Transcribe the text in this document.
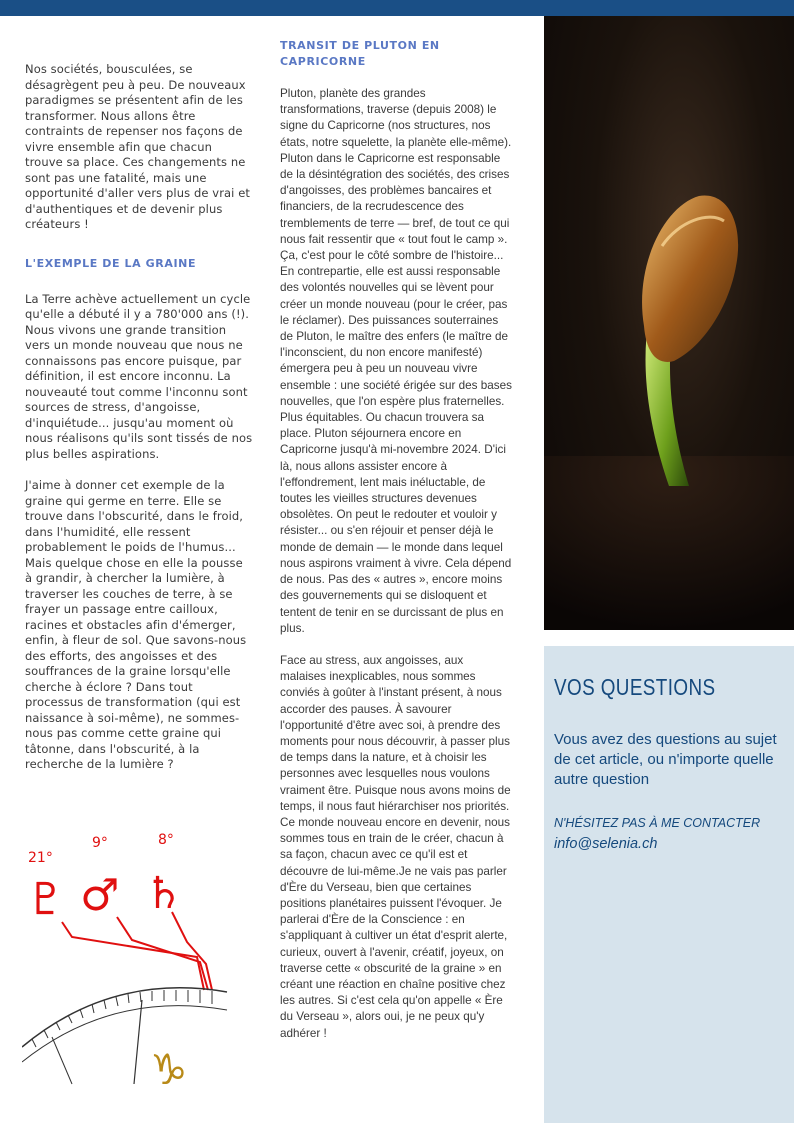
Nos sociétés, bousculées, se désagrègent peu à peu. De nouveaux paradigmes se présentent afin de les transformer. Nous allons être contraints de repenser nos façons de vivre ensemble afin que chacun trouve sa place. Ces changements ne sont pas une fatalité, mais une opportunité d'aller vers plus de vrai et d'authentiques et de devenir plus créateurs !

L'EXEMPLE DE LA GRAINE

La Terre achève actuellement un cycle qu'elle a débuté il y a 780'000 ans (!). Nous vivons une grande transition vers un monde nouveau que nous ne connaissons pas encore puisque, par définition, il est encore inconnu. La nouveauté tout comme l'inconnu sont sources de stress, d'angoisse, d'inquiétude... jusqu'au moment où nous réalisons qu'ils sont tissés de nos plus belles aspirations.

J'aime à donner cet exemple de la graine qui germe en terre. Elle se trouve dans l'obscurité, dans le froid, dans l'humidité, elle ressent probablement le poids de l'humus... Mais quelque chose en elle la pousse à grandir, à chercher la lumière, à traverser les couches de terre, à se frayer un passage entre cailloux, racines et obstacles afin d'émerger, enfin, à fleur de sol. Que savons-nous des efforts, des angoisses et des souffrances de la graine lorsqu'elle cherche à éclore ? Dans tout processus de transformation (qui est naissance à soi-même), ne sommes-nous pas comme cette graine qui tâtonne, dans l'obscurité, à la recherche de la lumière ?

TRANSIT DE PLUTON EN CAPRICORNE

Pluton, planète des grandes transformations, traverse (depuis 2008) le signe du Capricorne (nos structures, nos états, notre squelette, la planète elle-même). Pluton dans le Capricorne est responsable de la désintégration des sociétés, des crises d'angoisses, des problèmes bancaires et financiers, de la recrudescence des tremblements de terre — bref, de tout ce qui nous fait ressentir que « tout fout le camp ». Ça, c'est pour le côté sombre de l'histoire... En contrepartie, elle est aussi responsable des volontés nouvelles qui se lèvent pour créer un monde nouveau (pour le créer, pas le réclamer). Des puissances souterraines de Pluton, le maître des enfers (le maître de l'inconscient, du non encore manifesté) émergera peu à peu un nouveau vivre ensemble : une société érigée sur des bases nouvelles, que l'on espère plus fraternelles. Plus équitables. Ou chacun trouvera sa place. Pluton séjournera encore en Capricorne jusqu'à mi-novembre 2024. D'ici là, nous allons assister encore à l'effondrement, lent mais inéluctable, de toutes les vieilles structures devenues obsolètes. On peut le redouter et vouloir y résister... ou s'en réjouir et penser déjà le monde de demain — le monde dans lequel nous aspirons vraiment à vivre. Cela dépend de nous. Pas des « autres », encore moins des gouvernements qui se disloquent et tentent de tenir en se durcissant de plus en plus.

Face au stress, aux angoisses, aux malaises inexplicables, nous sommes conviés à goûter à l'instant présent, à nous accorder des pauses. À savourer l'opportunité d'être avec soi, à prendre des moments pour nous découvrir, à passer plus de temps dans la nature, et à choisir les personnes avec lesquelles nous voulons vraiment être. Puisque nous avons moins de temps, il nous faut hiérarchiser nos priorités. Ce monde nouveau encore en devenir, nous sommes tous en train de le créer, chacun à sa façon, chacun avec ce qu'il est et découvre de lui-même.Je ne vais pas parler d'Ère du Verseau, bien que certaines positions planétaires puissent l'évoquer. Je parlerai d'Ère de la Conscience : en s'appliquant à cultiver un état d'esprit alerte, curieux, ouvert à l'avenir, créatif, joyeux, on traverse cette « obscurité de la graine » en créant une réaction en chaîne positive chez les autres. Si c'est cela qu'on appelle « Ère du Verseau », alors oui, je ne peux qu'y adhérer !

21°
9°	8°
♇ ♂ ♄
♑
VOS QUESTIONS
Vous avez des questions au sujet de cet article, ou n'importe quelle autre question
N'HÉSITEZ PAS À ME CONTACTER
info@selenia.ch
